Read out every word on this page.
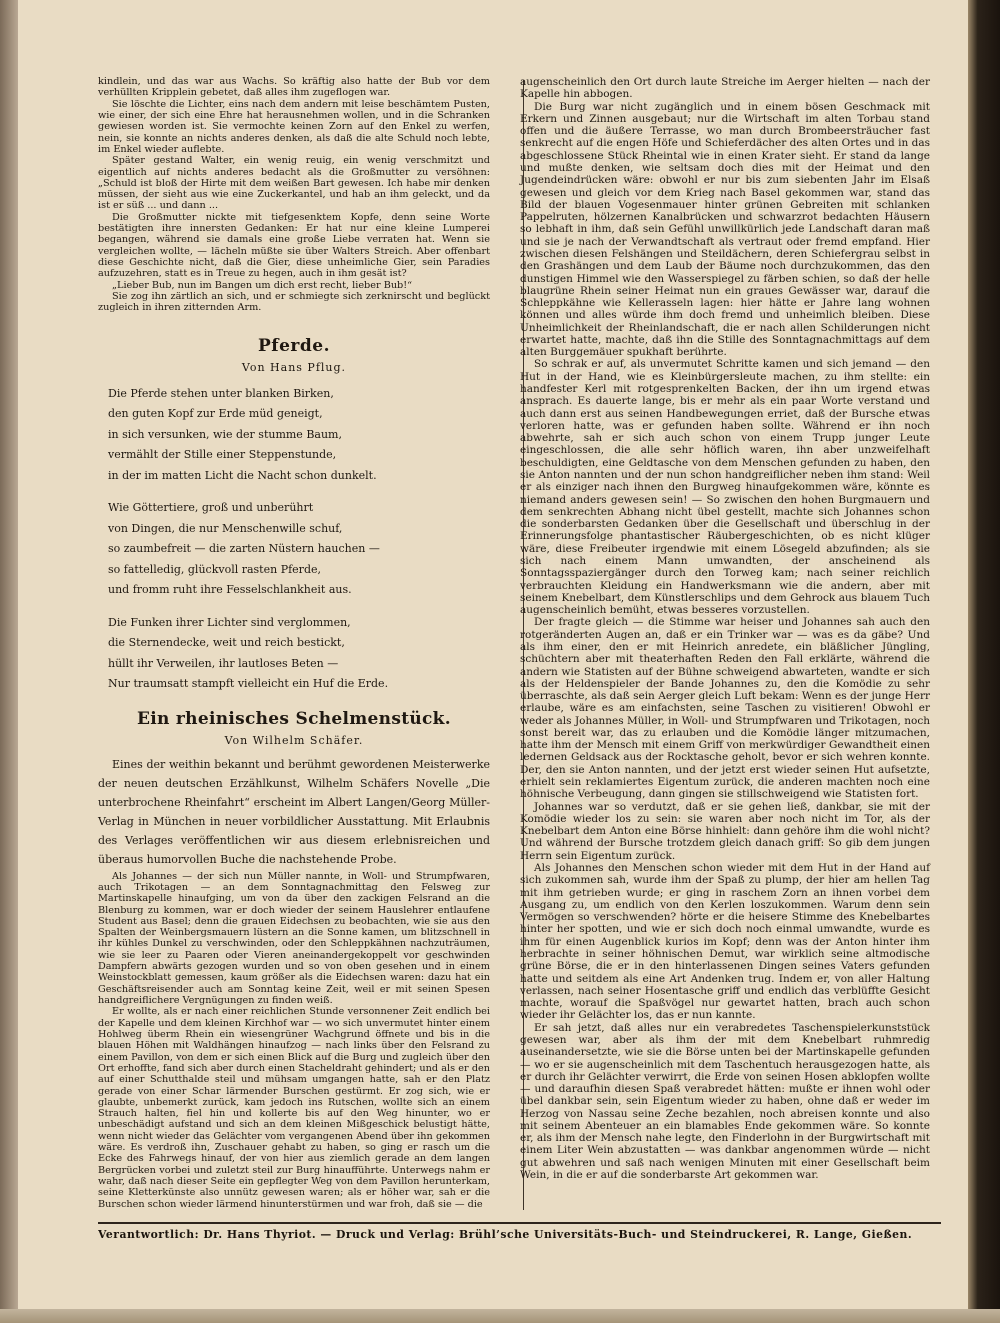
kindlein, und das war aus Wachs. So kräftig also hatte der Bub vor dem verhüllten Kripplein gebetet, daß alles ihm zugeflogen war.

Sie löschte die Lichter, eins nach dem andern mit leise beschämtem Pusten, wie einer, der sich eine Ehre hat herausnehmen wollen, und in die Schranken gewiesen worden ist. Sie vermochte keinen Zorn auf den Enkel zu werfen, nein, sie konnte an nichts anderes denken, als daß die alte Schuld noch lebte, im Enkel wieder auflebte.

Später gestand Walter, ein wenig reuig, ein wenig verschmitzt und eigentlich auf nichts anderes bedacht als die Großmutter zu versöhnen: „Schuld ist bloß der Hirte mit dem weißen Bart gewesen. Ich habe mir denken müssen, der sieht aus wie eine Zuckerkantel, und hab an ihm geleckt, und da ist er süß ... und dann ...

Die Großmutter nickte mit tiefgesenktem Kopfe, denn seine Worte bestätigten ihre innersten Gedanken: Er hat nur eine kleine Lumperei begangen, während sie damals eine große Liebe verraten hat. Wenn sie vergleichen wollte, — lächeln müßte sie über Walters Streich. Aber offenbart diese Geschichte nicht, daß die Gier, diese unheimliche Gier, sein Paradies aufzuzehren, statt es in Treue zu hegen, auch in ihm gesät ist?

„Lieber Bub, nun im Bangen um dich erst recht, lieber Bub!“

Sie zog ihn zärtlich an sich, und er schmiegte sich zerknirscht und beglückt zugleich in ihren zitternden Arm.

Pferde.
Von Hans Pflug.
Die Pferde stehen unter blanken Birken,
den guten Kopf zur Erde müd geneigt,
in sich versunken, wie der stumme Baum,
vermählt der Stille einer Steppenstunde,
in der im matten Licht die Nacht schon dunkelt.
Wie Göttertiere, groß und unberührt
von Dingen, die nur Menschenwille schuf,
so zaumbefreit — die zarten Nüstern hauchen —
so fattelledig, glückvoll rasten Pferde,
und fromm ruht ihre Fesselschlankheit aus.
Die Funken ihrer Lichter sind verglommen,
die Sternendecke, weit und reich bestickt,
hüllt ihr Verweilen, ihr lautloses Beten —
Nur traumsatt stampft vielleicht ein Huf die Erde.
Ein rheinisches Schelmenstück.
Von Wilhelm Schäfer.

Eines der weithin bekannt und berühmt gewordenen Meisterwerke der neuen deutschen Erzählkunst, Wilhelm Schäfers Novelle „Die unterbrochene Rheinfahrt“ erscheint im Albert Langen/Georg Müller-Verlag in München in neuer vorbildlicher Ausstattung. Mit Erlaubnis des Verlages veröffentlichen wir aus diesem erlebnisreichen und überaus humorvollen Buche die nachstehende Probe.

Als Johannes — der sich nun Müller nannte, in Woll- und Strumpfwaren, auch Trikotagen — an dem Sonntagnachmittag den Felsweg zur Martinskapelle hinaufging, um von da über den zackigen Felsrand an die Blenburg zu kommen, war er doch wieder der seinem Hauslehrer entlaufene Student aus Basel; denn die grauen Eidechsen zu beobachten, wie sie aus den Spalten der Weinbergsmauern lüstern an die Sonne kamen, um blitzschnell in ihr kühles Dunkel zu verschwinden, oder den Schleppkähnen nachzuträumen, wie sie leer zu Paaren oder Vieren aneinandergekoppelt vor geschwinden Dampfern abwärts gezogen wurden und so von oben gesehen und in einem Weinstockblatt gemessen, kaum größer als die Eidechsen waren: dazu hat ein Geschäftsreisender auch am Sonntag keine Zeit, weil er mit seinen Spesen handgreiflichere Vergnügungen zu finden weiß.

Er wollte, als er nach einer reichlichen Stunde versonnener Zeit endlich bei der Kapelle und dem kleinen Kirchhof war — wo sich unvermutet hinter einem Hohlweg überm Rhein ein wiesengrüner Wachgrund öffnete und bis in die blauen Höhen mit Waldhängen hinaufzog — nach links über den Felsrand zu einem Pavillon, von dem er sich einen Blick auf die Burg und zugleich über den Ort erhoffte, fand sich aber durch einen Stacheldraht gehindert; und als er den auf einer Schutthalde steil und mühsam umgangen hatte, sah er den Platz gerade von einer Schar lärmender Burschen gestürmt. Er zog sich, wie er glaubte, unbemerkt zurück, kam jedoch ins Rutschen, wollte sich an einem Strauch halten, fiel hin und kollerte bis auf den Weg hinunter, wo er unbeschädigt aufstand und sich an dem kleinen Mißgeschick belustigt hätte, wenn nicht wieder das Gelächter vom vergangenen Abend über ihn gekommen wäre. Es verdroß ihn, Zuschauer gehabt zu haben, so ging er rasch um die Ecke des Fahrwegs hinauf, der von hier aus ziemlich gerade an dem langen Bergrücken vorbei und zuletzt steil zur Burg hinaufführte. Unterwegs nahm er wahr, daß nach dieser Seite ein gepflegter Weg von dem Pavillon herunterkam, seine Kletterkünste also unnütz gewesen waren; als er höher war, sah er die Burschen schon wieder lärmend hinunterstürmen und war froh, daß sie — die

augenscheinlich den Ort durch laute Streiche im Aerger hielten — nach der Kapelle hin abbogen.

Die Burg war nicht zugänglich und in einem bösen Geschmack mit Erkern und Zinnen ausgebaut; nur die Wirtschaft im alten Torbau stand offen und die äußere Terrasse, wo man durch Brombeersträucher fast senkrecht auf die engen Höfe und Schieferdächer des alten Ortes und in das abgeschlossene Stück Rheintal wie in einen Krater sieht. Er stand da lange und mußte denken, wie seltsam doch dies mit der Heimat und den Jugendeindrücken wäre: obwohl er nur bis zum siebenten Jahr im Elsaß gewesen und gleich vor dem Krieg nach Basel gekommen war, stand das Bild der blauen Vogesenmauer hinter grünen Gebreiten mit schlanken Pappelruten, hölzernen Kanalbrücken und schwarzrot bedachten Häusern so lebhaft in ihm, daß sein Gefühl unwillkürlich jede Landschaft daran maß und sie je nach der Verwandtschaft als vertraut oder fremd empfand. Hier zwischen diesen Felshängen und Steildächern, deren Schiefergrau selbst in den Grashängen und dem Laub der Bäume noch durchzukommen, das den dunstigen Himmel wie den Wasserspiegel zu färben schien, so daß der helle blaugrüne Rhein seiner Heimat nun ein graues Gewässer war, darauf die Schleppkähne wie Kellerasseln lagen: hier hätte er Jahre lang wohnen können und alles würde ihm doch fremd und unheimlich bleiben. Diese Unheimlichkeit der Rheinlandschaft, die er nach allen Schilderungen nicht erwartet hatte, machte, daß ihn die Stille des Sonntagnachmittags auf dem alten Burggemäuer spukhaft berührte.

So schrak er auf, als unvermutet Schritte kamen und sich jemand — den Hut in der Hand, wie es Kleinbürgersleute machen, zu ihm stellte: ein handfester Kerl mit rotgesprenkelten Backen, der ihn um irgend etwas ansprach. Es dauerte lange, bis er mehr als ein paar Worte verstand und auch dann erst aus seinen Handbewegungen erriet, daß der Bursche etwas verloren hatte, was er gefunden haben sollte. Während er ihn noch abwehrte, sah er sich auch schon von einem Trupp junger Leute eingeschlossen, die alle sehr höflich waren, ihn aber unzweifelhaft beschuldigten, eine Geldtasche von dem Menschen gefunden zu haben, den sie Anton nannten und der nun schon handgreiflicher neben ihm stand: Weil er als einziger nach ihnen den Burgweg hinaufgekommen wäre, könnte es niemand anders gewesen sein! — So zwischen den hohen Burgmauern und dem senkrechten Abhang nicht übel gestellt, machte sich Johannes schon die sonderbarsten Gedanken über die Gesellschaft und überschlug in der Erinnerungsfolge phantastischer Räubergeschichten, ob es nicht klüger wäre, diese Freibeuter irgendwie mit einem Lösegeld abzufinden; als sie sich nach einem Mann umwandten, der anscheinend als Sonntagsspaziergänger durch den Torweg kam; nach seiner reichlich verbrauchten Kleidung ein Handwerksmann wie die andern, aber mit seinem Knebelbart, dem Künstlerschlips und dem Gehrock aus blauem Tuch augenscheinlich bemüht, etwas besseres vorzustellen.

Der fragte gleich — die Stimme war heiser und Johannes sah auch den rotgeränderten Augen an, daß er ein Trinker war — was es da gäbe? Und als ihm einer, den er mit Heinrich anredete, ein bläßlicher Jüngling, schüchtern aber mit theaterhaften Reden den Fall erklärte, während die andern wie Statisten auf der Bühne schweigend abwarteten, wandte er sich als der Heldenspieler der Bande Johannes zu, den die Komödie zu sehr überraschte, als daß sein Aerger gleich Luft bekam: Wenn es der junge Herr erlaube, wäre es am einfachsten, seine Taschen zu visitieren! Obwohl er weder als Johannes Müller, in Woll- und Strumpfwaren und Trikotagen, noch sonst bereit war, das zu erlauben und die Komödie länger mitzumachen, hatte ihm der Mensch mit einem Griff von merkwürdiger Gewandtheit einen ledernen Geldsack aus der Rocktasche geholt, bevor er sich wehren konnte. Der, den sie Anton nannten, und der jetzt erst wieder seinen Hut aufsetzte, erhielt sein reklamiertes Eigentum zurück, die anderen machten noch eine höhnische Verbeugung, dann gingen sie stillschweigend wie Statisten fort.

Johannes war so verdutzt, daß er sie gehen ließ, dankbar, sie mit der Komödie wieder los zu sein: sie waren aber noch nicht im Tor, als der Knebelbart dem Anton eine Börse hinhielt: dann gehöre ihm die wohl nicht? Und während der Bursche trotzdem gleich danach griff: So gib dem jungen Herrn sein Eigentum zurück.

Als Johannes den Menschen schon wieder mit dem Hut in der Hand auf sich zukommen sah, wurde ihm der Spaß zu plump, der hier am hellen Tag mit ihm getrieben wurde; er ging in raschem Zorn an ihnen vorbei dem Ausgang zu, um endlich von den Kerlen loszukommen. Warum denn sein Vermögen so verschwenden? hörte er die heisere Stimme des Knebelbartes hinter her spotten, und wie er sich doch noch einmal umwandte, wurde es ihm für einen Augenblick kurios im Kopf; denn was der Anton hinter ihm herbrachte in seiner höhnischen Demut, war wirklich seine altmodische grüne Börse, die er in den hinterlassenen Dingen seines Vaters gefunden hatte und seitdem als eine Art Andenken trug. Indem er, von aller Haltung verlassen, nach seiner Hosentasche griff und endlich das verblüffte Gesicht machte, worauf die Spaßvögel nur gewartet hatten, brach auch schon wieder ihr Gelächter los, das er nun kannte.

Er sah jetzt, daß alles nur ein verabredetes Taschenspielerkunststück gewesen war, aber als ihm der mit dem Knebelbart ruhmredig auseinandersetzte, wie sie die Börse unten bei der Martinskapelle gefunden — wo er sie augenscheinlich mit dem Taschentuch herausgezogen hatte, als er durch ihr Gelächter verwirrt, die Erde von seinen Hosen abklopfen wollte — und daraufhin diesen Spaß verabredet hätten: mußte er ihnen wohl oder übel dankbar sein, sein Eigentum wieder zu haben, ohne daß er weder im Herzog von Nassau seine Zeche bezahlen, noch abreisen konnte und also mit seinem Abenteuer an ein blamables Ende gekommen wäre. So konnte er, als ihm der Mensch nahe legte, den Finderlohn in der Burgwirtschaft mit einem Liter Wein abzustatten — was dankbar angenommen würde — nicht gut abwehren und saß nach wenigen Minuten mit einer Gesellschaft beim Wein, in die er auf die sonderbarste Art gekommen war.

Verantwortlich: Dr. Hans Thyriot. — Druck und Verlag: Brühl’sche Universitäts-Buch- und Steindruckerei, R. Lange, Gießen.
